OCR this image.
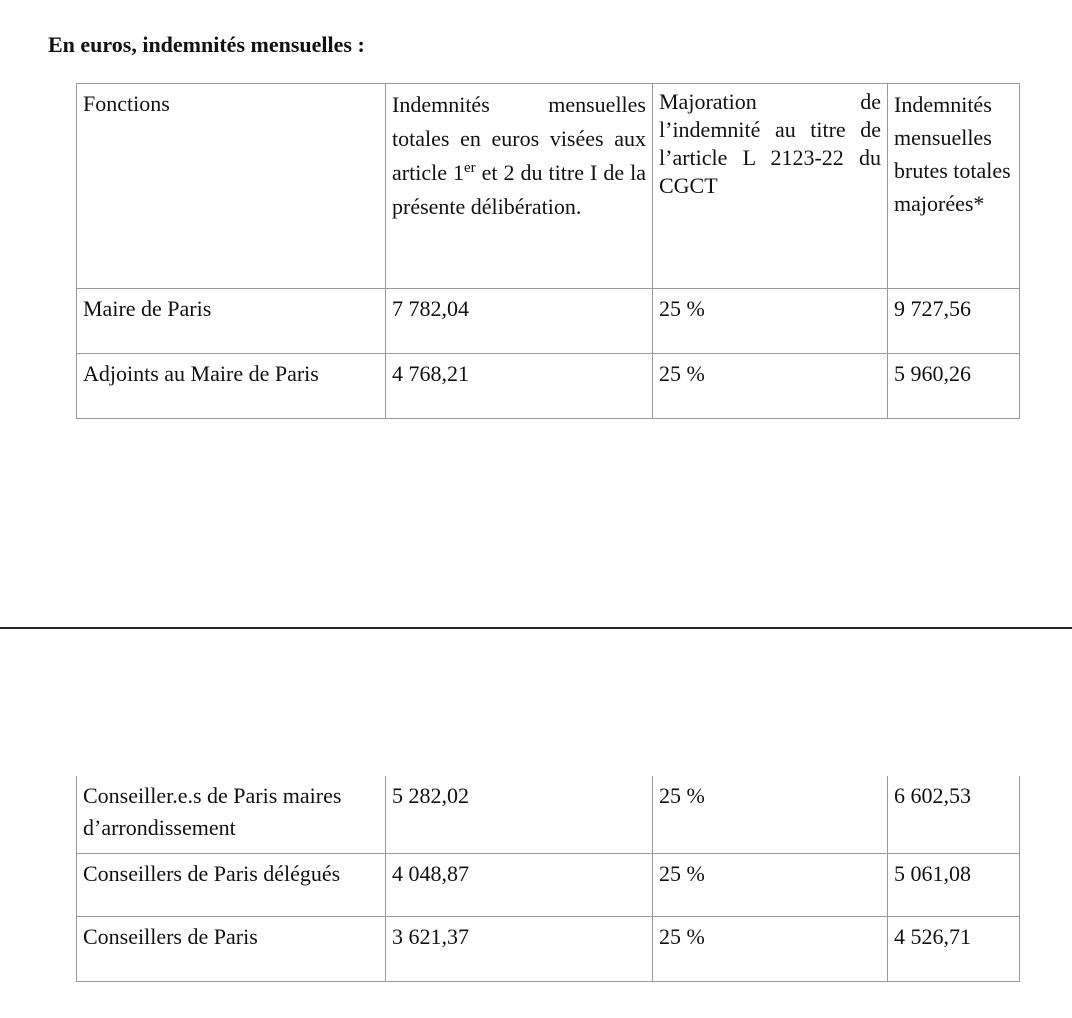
En euros, indemnités mensuelles :
Fonctions	Indemnités mensuelles totales en euros visées aux article 1er et 2 du titre I de la présente délibération.	Majoration de l’indemnité au titre de l’article L 2123-22 du CGCT	Indemnités mensuelles brutes totales majorées*
Maire de Paris	7 782,04	25 %	9 727,56
Adjoints au Maire de Paris	4 768,21	25 %	5 960,26
Conseiller.e.s de Paris maires d’arrondissement	5 282,02	25 %	6 602,53
Conseillers de Paris délégués	4 048,87	25 %	5 061,08
Conseillers de Paris	3 621,37	25 %	4 526,71
